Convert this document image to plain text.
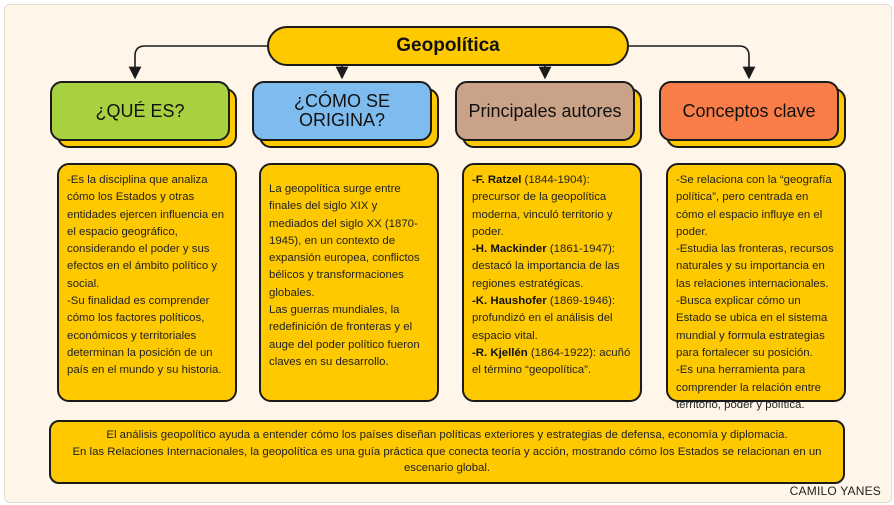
Geopolítica
¿QUÉ ES?

-Es la disciplina que analiza cómo los Estados y otras entidades ejercen influencia en el espacio geográfico, considerando el poder y sus efectos en el ámbito político y social.

-Su finalidad es comprender cómo los factores políticos, económicos y territoriales determinan la posición de un país en el mundo y su historia.

¿CÓMO SE ORIGINA?

La geopolítica surge entre finales del siglo XIX y mediados del siglo XX (1870-1945), en un contexto de expansión europea, conflictos bélicos y transformaciones globales.

Las guerras mundiales, la redefinición de fronteras y el auge del poder político fueron claves en su desarrollo.

Principales autores

-F. Ratzel (1844-1904): precursor de la geopolítica moderna, vinculó territorio y poder.

-H. Mackinder (1861-1947): destacó la importancia de las regiones estratégicas.

-K. Haushofer (1869-1946): profundizó en el análisis del espacio vital.

-R. Kjellén (1864-1922): acuñó el término “geopolítica”.

Conceptos clave

-Se relaciona con la “geografía política”, pero centrada en cómo el espacio influye en el poder.

-Estudia las fronteras, recursos naturales y su importancia en las relaciones internacionales.

-Busca explicar cómo un Estado se ubica en el sistema mundial y formula estrategias para fortalecer su posición.

-Es una herramienta para comprender la relación entre territorio, poder y política.

El análisis geopolítico ayuda a entender cómo los países diseñan políticas exteriores y estrategias de defensa, economía y diplomacia.

En las Relaciones Internacionales, la geopolítica es una guía práctica que conecta teoría y acción, mostrando cómo los Estados se relacionan en un escenario global.

CAMILO YANES
